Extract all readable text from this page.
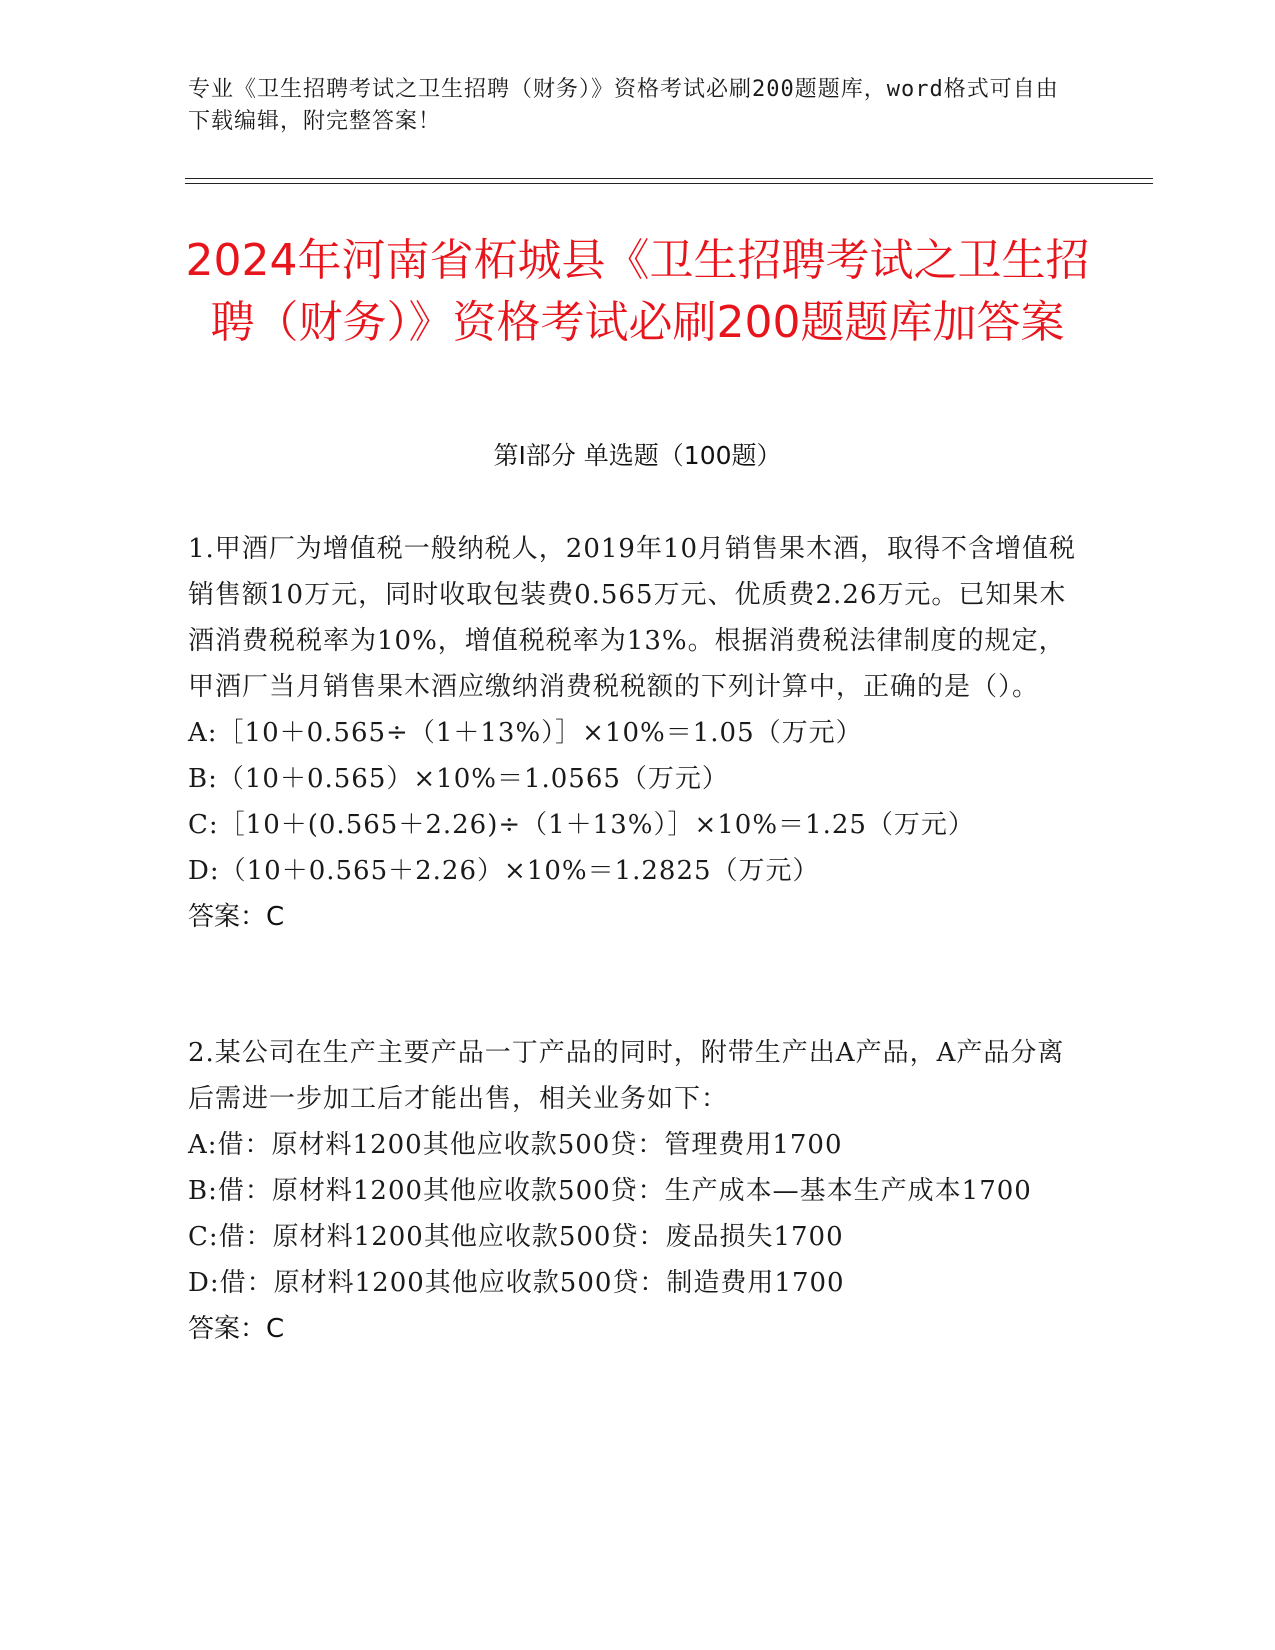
专业《卫生招聘考试之卫生招聘（财务）》资格考试必刷200题题库，word格式可自由下载编辑，附完整答案！
2024年河南省柘城县《卫生招聘考试之卫生招聘（财务）》资格考试必刷200题题库加答案
第I部分 单选题（100题）
1.甲酒厂为增值税一般纳税人，2019年10月销售果木酒，取得不含增值税销售额10万元，同时收取包装费0.565万元、优质费2.26万元。已知果木酒消费税税率为10%，增值税税率为13%。根据消费税法律制度的规定，甲酒厂当月销售果木酒应缴纳消费税税额的下列计算中，正确的是（）。
A:［10＋0.565÷（1＋13%）］×10%＝1.05（万元）
B:（10＋0.565）×10%＝1.0565（万元）
C:［10＋(0.565＋2.26)÷（1＋13%）］×10%＝1.25（万元）
D:（10＋0.565＋2.26）×10%＝1.2825（万元）
答案：C
2.某公司在生产主要产品一丁产品的同时，附带生产出A产品，A产品分离后需进一步加工后才能出售，相关业务如下：
A:借：原材料1200其他应收款500贷：管理费用1700
B:借：原材料1200其他应收款500贷：生产成本—基本生产成本1700
C:借：原材料1200其他应收款500贷：废品损失1700
D:借：原材料1200其他应收款500贷：制造费用1700
答案：C
